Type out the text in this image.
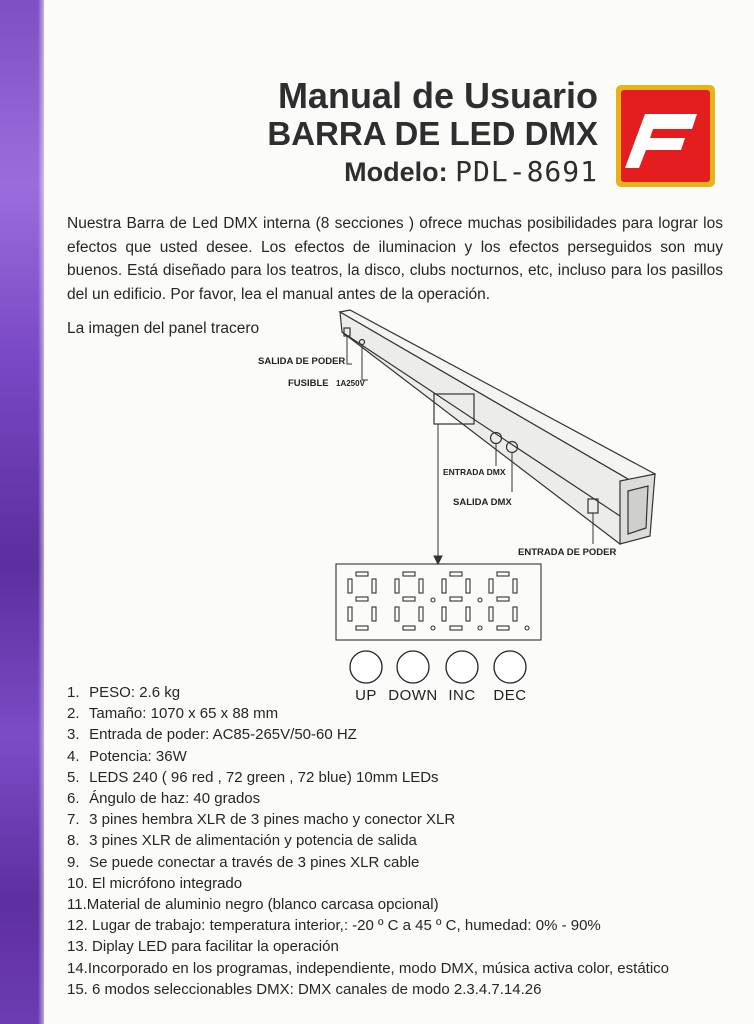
Manual de Usuario
BARRA DE LED DMX
Modelo: PDL-8691
Nuestra Barra de Led DMX interna (8 secciones ) ofrece muchas posibilidades para lograr los efectos que usted desee. Los efectos de iluminacion y los efectos perseguidos son muy buenos. Está diseñado para los teatros, la disco, clubs nocturnos, etc, incluso para los pasillos del un edificio. Por favor, lea el manual antes de la operación.
La imagen del panel tracero
SALIDA DE PODER
FUSIBLE 1A250V
ENTRADA DMX
SALIDA DMX
ENTRADA DE PODER
UP DOWN INC DEC
1. PESO: 2.6 kg
2. Tamaño: 1070 x 65 x 88 mm
3. Entrada de poder: AC85-265V/50-60 HZ
4. Potencia: 36W
5. LEDS 240 ( 96 red , 72 green , 72 blue) 10mm LEDs
6. Ángulo de haz: 40 grados
7. 3 pines hembra XLR de 3 pines macho y conector XLR
8. 3 pines XLR de alimentación y potencia de salida
9. Se puede conectar a través de 3 pines XLR cable
10. El micrófono integrado
11.Material de aluminio negro (blanco carcasa opcional)
12. Lugar de trabajo: temperatura interior,: -20 º C a 45 º C, humedad: 0% - 90%
13. Diplay LED para facilitar la operación
14.Incorporado en los programas, independiente, modo DMX, música activa color, estático
15. 6 modos seleccionables DMX: DMX canales de modo 2.3.4.7.14.26
